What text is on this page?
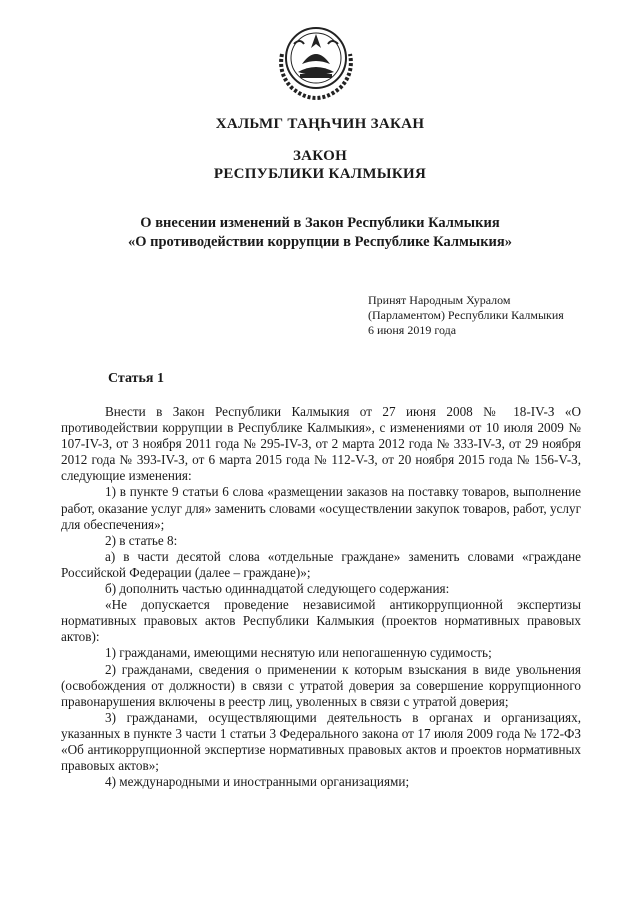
ХАЛЬМГ ТАҢҺЧИН ЗАКАН
ЗАКОН
РЕСПУБЛИКИ КАЛМЫКИЯ
О внесении изменений в Закон Республики Калмыкия
«О противодействии коррупции в Республике Калмыкия»
Принят Народным Хуралом
(Парламентом) Республики Калмыкия
6 июня 2019 года
Статья 1

Внести в Закон Республики Калмыкия от 27 июня 2008 № 18-IV-З «О противодействии коррупции в Республике Калмыкия», с изменениями от 10 июля 2009 № 107-IV-З, от 3 ноября 2011 года № 295-IV-З, от 2 марта 2012 года № 333-IV-З, от 29 ноября 2012 года № 393-IV-З, от 6 марта 2015 года № 112-V-З, от 20 ноября 2015 года № 156-V-З, следующие изменения:

1) в пункте 9 статьи 6 слова «размещении заказов на поставку товаров, выполнение работ, оказание услуг для» заменить словами «осуществлении закупок товаров, работ, услуг для обеспечения»;

2) в статье 8:

а) в части десятой слова «отдельные граждане» заменить словами «граждане Российской Федерации (далее – граждане)»;

б) дополнить частью одиннадцатой следующего содержания:

«Не допускается проведение независимой антикоррупционной экспертизы нормативных правовых актов Республики Калмыкия (проектов нормативных правовых актов):

1) гражданами, имеющими неснятую или непогашенную судимость;

2) гражданами, сведения о применении к которым взыскания в виде увольнения (освобождения от должности) в связи с утратой доверия за совершение коррупционного правонарушения включены в реестр лиц, уволенных в связи с утратой доверия;

3) гражданами, осуществляющими деятельность в органах и организациях, указанных в пункте 3 части 1 статьи 3 Федерального закона от 17 июля 2009 года № 172-ФЗ «Об антикоррупционной экспертизе нормативных правовых актов и проектов нормативных правовых актов»;

4) международными и иностранными организациями;
